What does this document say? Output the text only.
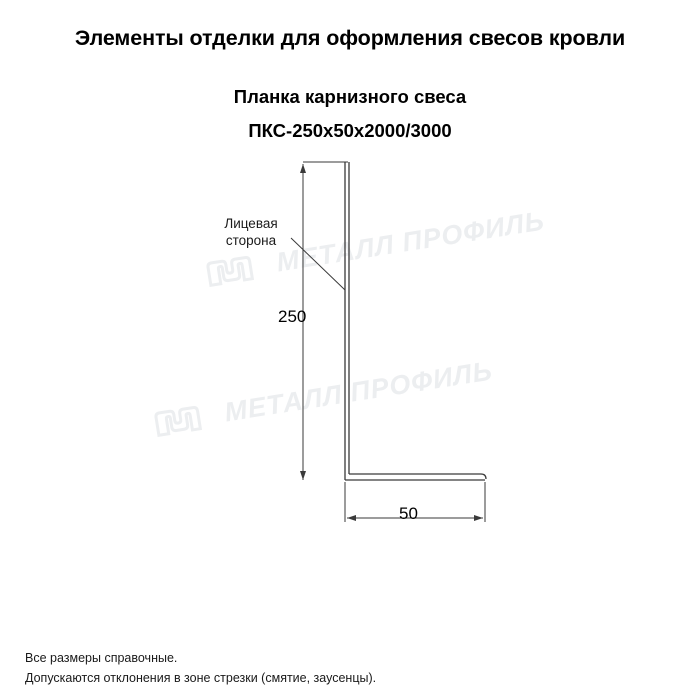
Элементы отделки для оформления свесов кровли
Планка карнизного свеса
ПКС-250х50х2000/3000
МЕТАЛЛ ПРОФИЛЬ
МЕТАЛЛ ПРОФИЛЬ
Лицевая
сторона
250
50
Все размеры справочные.
Допускаются отклонения в зоне стрезки (смятие, заусенцы).
